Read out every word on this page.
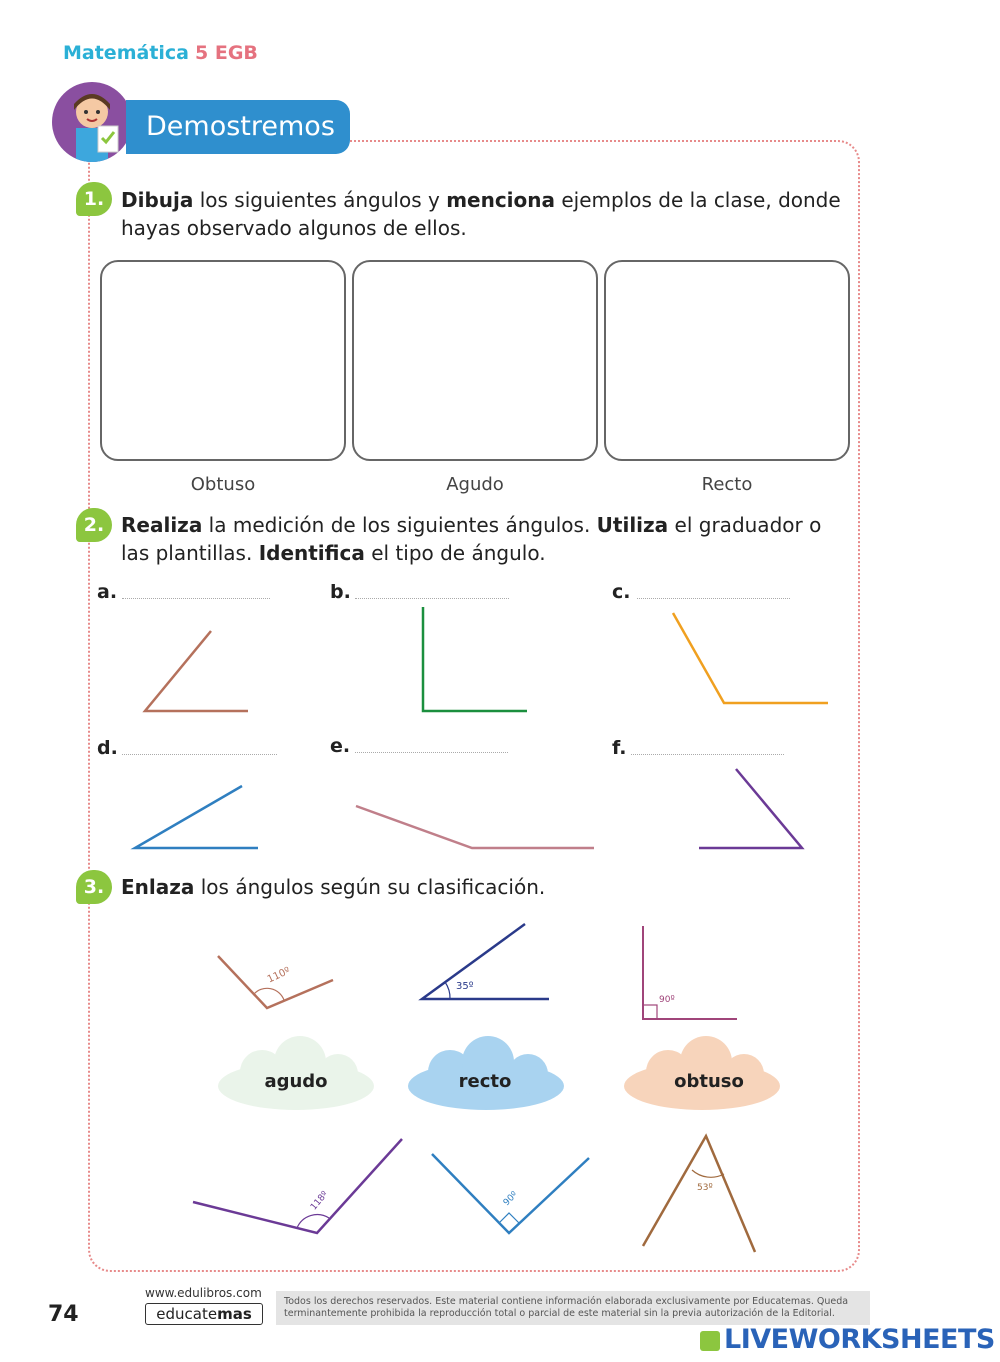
Matemática 5 EGB
Demostremos
1. Dibuja los siguientes ángulos y menciona ejemplos de la clase, donde hayas observado algunos de ellos.
Obtuso	Agudo	Recto
2. Realiza la medición de los siguientes ángulos. Utiliza el graduador o las plantillas. Identifica el tipo de ángulo.
a.	b.	c.
d.	e.	f.
110º
35º
90º
118º	90º
53º
3. Enlaza los ángulos según su clasificación.
agudo	recto	obtuso
74
www.edulibros.com
educatemas
Todos los derechos reservados. Este material contiene información elaborada exclusivamente por Educatemas. Queda terminantemente prohibida la reproducción total o parcial de este material sin la previa autorización de la Editorial.
LIVEWORKSHEETS
